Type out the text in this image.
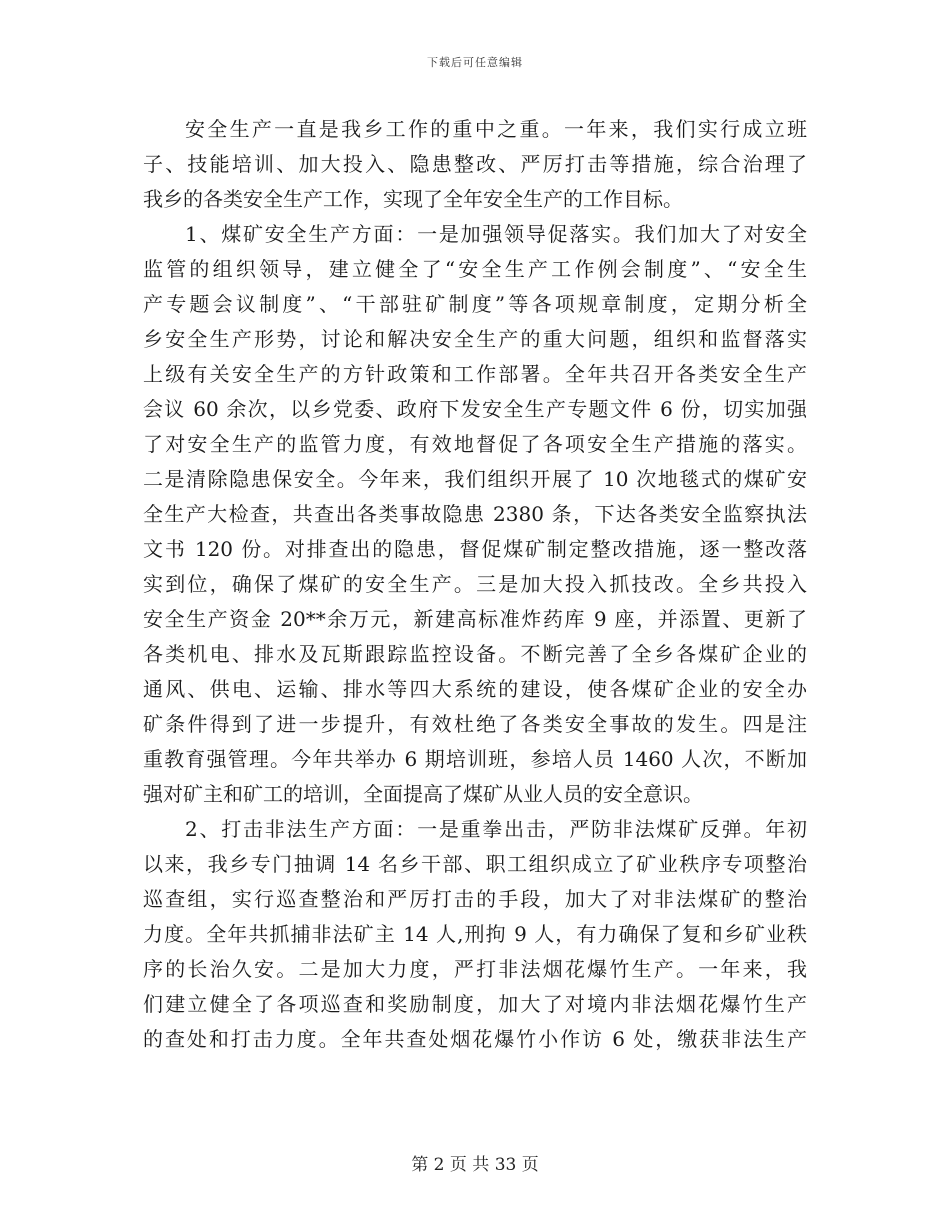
下载后可任意编辑
安全生产一直是我乡工作的重中之重。一年来，我们实行成立班
子、技能培训、加大投入、隐患整改、严厉打击等措施，综合治理了
我乡的各类安全生产工作，实现了全年安全生产的工作目标。
1、煤矿安全生产方面：一是加强领导促落实。我们加大了对安全
监管的组织领导，建立健全了“安全生产工作例会制度”、“安全生
产专题会议制度”、“干部驻矿制度”等各项规章制度，定期分析全
乡安全生产形势，讨论和解决安全生产的重大问题，组织和监督落实
上级有关安全生产的方针政策和工作部署。全年共召开各类安全生产
会议 60 余次，以乡党委、政府下发安全生产专题文件 6 份，切实加强
了对安全生产的监管力度，有效地督促了各项安全生产措施的落实。
二是清除隐患保安全。今年来，我们组织开展了 10 次地毯式的煤矿安
全生产大检查，共查出各类事故隐患 2380 条，下达各类安全监察执法
文书 120 份。对排查出的隐患，督促煤矿制定整改措施，逐一整改落
实到位，确保了煤矿的安全生产。三是加大投入抓技改。全乡共投入
安全生产资金 20**余万元，新建高标准炸药库 9 座，并添置、更新了
各类机电、排水及瓦斯跟踪监控设备。不断完善了全乡各煤矿企业的
通风、供电、运输、排水等四大系统的建设，使各煤矿企业的安全办
矿条件得到了进一步提升，有效杜绝了各类安全事故的发生。四是注
重教育强管理。今年共举办 6 期培训班，参培人员 1460 人次，不断加
强对矿主和矿工的培训，全面提高了煤矿从业人员的安全意识。
2、打击非法生产方面：一是重拳出击，严防非法煤矿反弹。年初
以来，我乡专门抽调 14 名乡干部、职工组织成立了矿业秩序专项整治
巡查组，实行巡查整治和严厉打击的手段，加大了对非法煤矿的整治
力度。全年共抓捕非法矿主 14 人,刑拘 9 人，有力确保了复和乡矿业秩
序的长治久安。二是加大力度，严打非法烟花爆竹生产。一年来，我
们建立健全了各项巡查和奖励制度，加大了对境内非法烟花爆竹生产
的查处和打击力度。全年共查处烟花爆竹小作访 6 处，缴获非法生产
第 2 页 共 33 页
